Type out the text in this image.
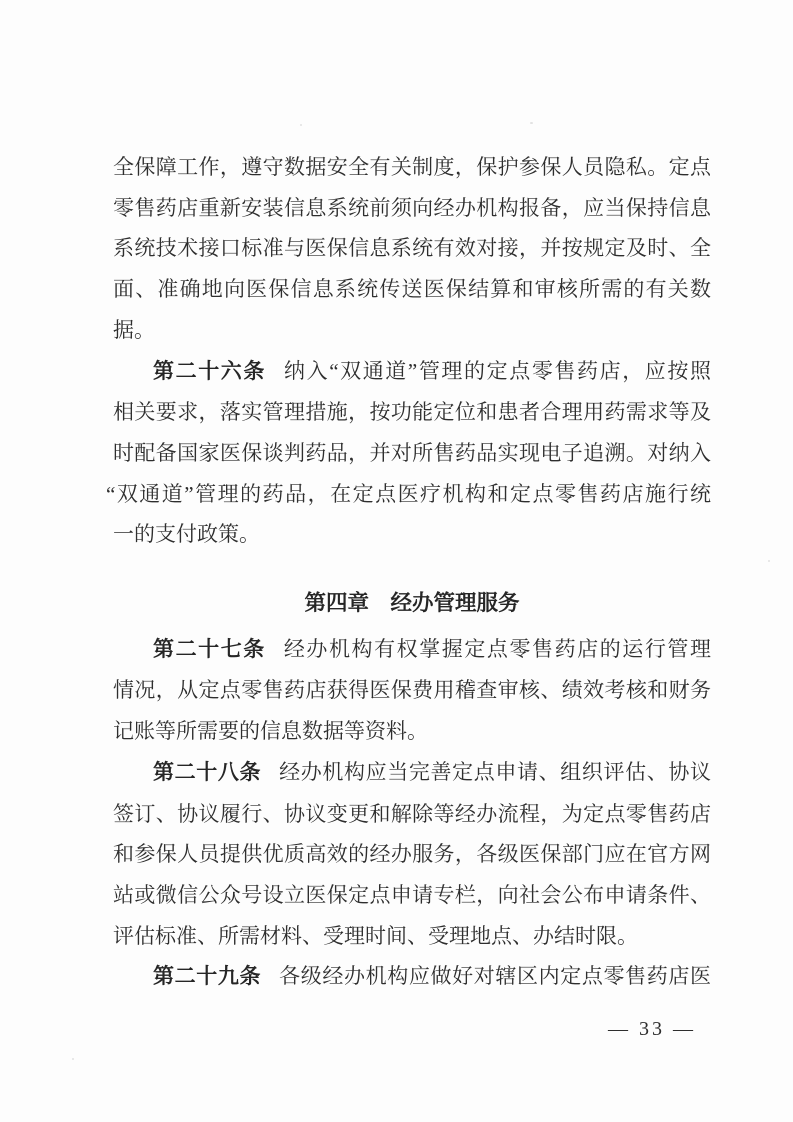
全保障工作，遵守数据安全有关制度，保护参保人员隐私。定点
零售药店重新安装信息系统前须向经办机构报备，应当保持信息
系统技术接口标准与医保信息系统有效对接，并按规定及时、全
面、准确地向医保信息系统传送医保结算和审核所需的有关数
据。
第二十六条 纳入“双通道”管理的定点零售药店，应按照
相关要求，落实管理措施，按功能定位和患者合理用药需求等及
时配备国家医保谈判药品，并对所售药品实现电子追溯。对纳入
“双通道”管理的药品，在定点医疗机构和定点零售药店施行统
一的支付政策。
第四章　经办管理服务
第二十七条 经办机构有权掌握定点零售药店的运行管理
情况，从定点零售药店获得医保费用稽查审核、绩效考核和财务
记账等所需要的信息数据等资料。
第二十八条 经办机构应当完善定点申请、组织评估、协议
签订、协议履行、协议变更和解除等经办流程，为定点零售药店
和参保人员提供优质高效的经办服务，各级医保部门应在官方网
站或微信公众号设立医保定点申请专栏，向社会公布申请条件、
评估标准、所需材料、受理时间、受理地点、办结时限。
第二十九条 各级经办机构应做好对辖区内定点零售药店医
— 33 —
